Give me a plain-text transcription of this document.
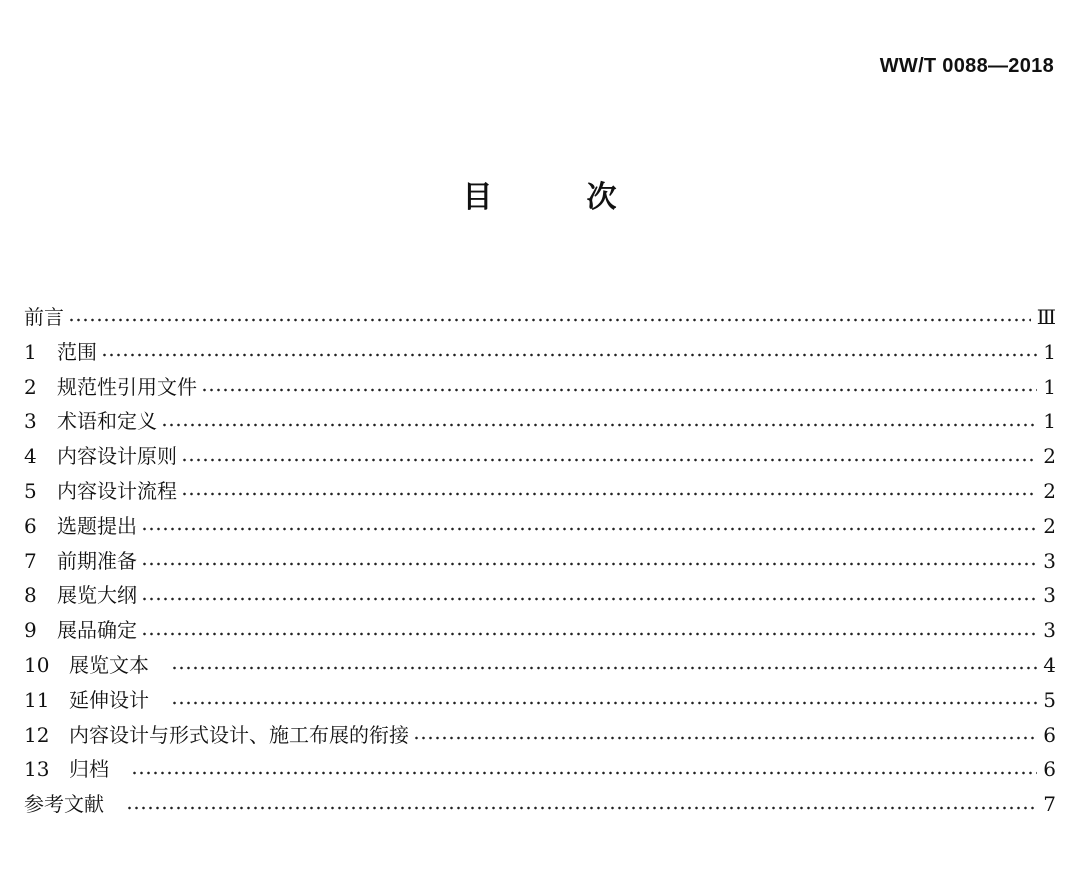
WW/T 0088—2018
目　　　次
前言	Ⅲ
1	范围	1
2	规范性引用文件	1
3	术语和定义	1
4	内容设计原则	2
5	内容设计流程	2
6	选题提出	2
7	前期准备	3
8	展览大纲	3
9	展品确定	3
10 展览文本	4
11 延伸设计	5
12 内容设计与形式设计、施工布展的衔接	6
13 归档	6
参考文献	7
